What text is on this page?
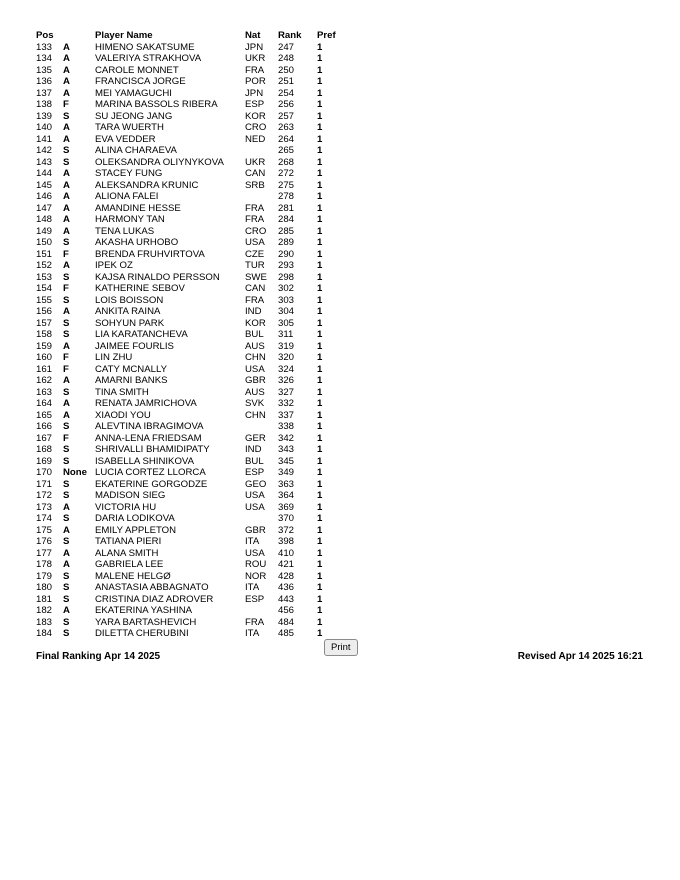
Pos		Player Name	Nat	Rank	Pref
133	A	HIMENO SAKATSUME	JPN	247	1
134	A	VALERIYA STRAKHOVA	UKR	248	1
135	A	CAROLE MONNET	FRA	250	1
136	A	FRANCISCA JORGE	POR	251	1
137	A	MEI YAMAGUCHI	JPN	254	1
138	F	MARINA BASSOLS RIBERA	ESP	256	1
139	S	SU JEONG JANG	KOR	257	1
140	A	TARA WUERTH	CRO	263	1
141	A	EVA VEDDER	NED	264	1
142	S	ALINA CHARAEVA		265	1
143	S	OLEKSANDRA OLIYNYKOVA	UKR	268	1
144	A	STACEY FUNG	CAN	272	1
145	A	ALEKSANDRA KRUNIC	SRB	275	1
146	A	ALIONA FALEI		278	1
147	A	AMANDINE HESSE	FRA	281	1
148	A	HARMONY TAN	FRA	284	1
149	A	TENA LUKAS	CRO	285	1
150	S	AKASHA URHOBO	USA	289	1
151	F	BRENDA FRUHVIRTOVA	CZE	290	1
152	A	IPEK OZ	TUR	293	1
153	S	KAJSA RINALDO PERSSON	SWE	298	1
154	F	KATHERINE SEBOV	CAN	302	1
155	S	LOIS BOISSON	FRA	303	1
156	A	ANKITA RAINA	IND	304	1
157	S	SOHYUN PARK	KOR	305	1
158	S	LIA KARATANCHEVA	BUL	311	1
159	A	JAIMEE FOURLIS	AUS	319	1
160	F	LIN ZHU	CHN	320	1
161	F	CATY MCNALLY	USA	324	1
162	A	AMARNI BANKS	GBR	326	1
163	S	TINA SMITH	AUS	327	1
164	A	RENATA JAMRICHOVA	SVK	332	1
165	A	XIAODI YOU	CHN	337	1
166	S	ALEVTINA IBRAGIMOVA		338	1
167	F	ANNA-LENA FRIEDSAM	GER	342	1
168	S	SHRIVALLI BHAMIDIPATY	IND	343	1
169	S	ISABELLA SHINIKOVA	BUL	345	1
170	None	LUCIA CORTEZ LLORCA	ESP	349	1
171	S	EKATERINE GORGODZE	GEO	363	1
172	S	MADISON SIEG	USA	364	1
173	A	VICTORIA HU	USA	369	1
174	S	DARIA LODIKOVA		370	1
175	A	EMILY APPLETON	GBR	372	1
176	S	TATIANA PIERI	ITA	398	1
177	A	ALANA SMITH	USA	410	1
178	A	GABRIELA LEE	ROU	421	1
179	S	MALENE HELGØ	NOR	428	1
180	S	ANASTASIA ABBAGNATO	ITA	436	1
181	S	CRISTINA DIAZ ADROVER	ESP	443	1
182	A	EKATERINA YASHINA		456	1
183	S	YARA BARTASHEVICH	FRA	484	1
184	S	DILETTA CHERUBINI	ITA	485	1
Print
Final Ranking Apr 14 2025	Revised Apr 14 2025 16:21
